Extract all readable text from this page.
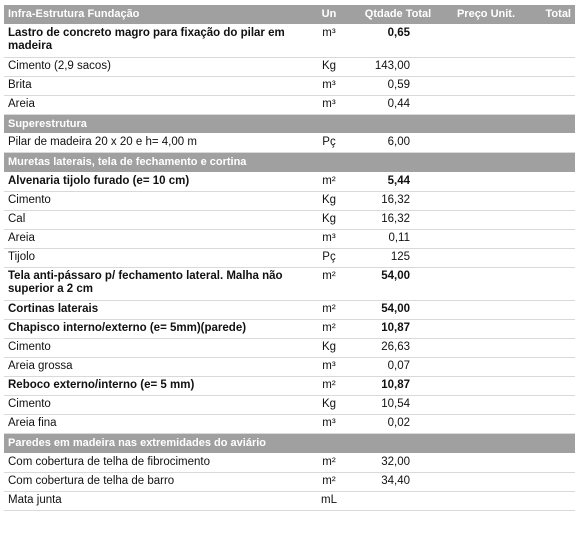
Infra-Estrutura Fundação	Un	Qtdade Total	Preço Unit.	Total
Lastro de concreto magro para fixação do pilar em madeira	m³	0,65		
Cimento (2,9 sacos)	Kg	143,00		
Brita	m³	0,59		
Areia	m³	0,44		
Superestrutura				
Pilar de madeira 20 x 20 e h= 4,00 m	Pç	6,00		
Muretas laterais, tela de fechamento e cortina				
Alvenaria tijolo furado (e= 10 cm)	m²	5,44		
Cimento	Kg	16,32		
Cal	Kg	16,32		
Areia	m³	0,11		
Tijolo	Pç	125		
Tela anti-pássaro p/ fechamento lateral. Malha não superior a 2 cm	m²	54,00		
Cortinas laterais	m²	54,00		
Chapisco interno/externo (e= 5mm)(parede)	m²	10,87		
Cimento	Kg	26,63		
Areia grossa	m³	0,07		
Reboco externo/interno (e= 5 mm)	m²	10,87		
Cimento	Kg	10,54		
Areia fina	m³	0,02		
Paredes em madeira nas extremidades do aviário				
Com cobertura de telha de fibrocimento	m²	32,00		
Com cobertura de telha de barro	m²	34,40		
Mata junta	mL			
